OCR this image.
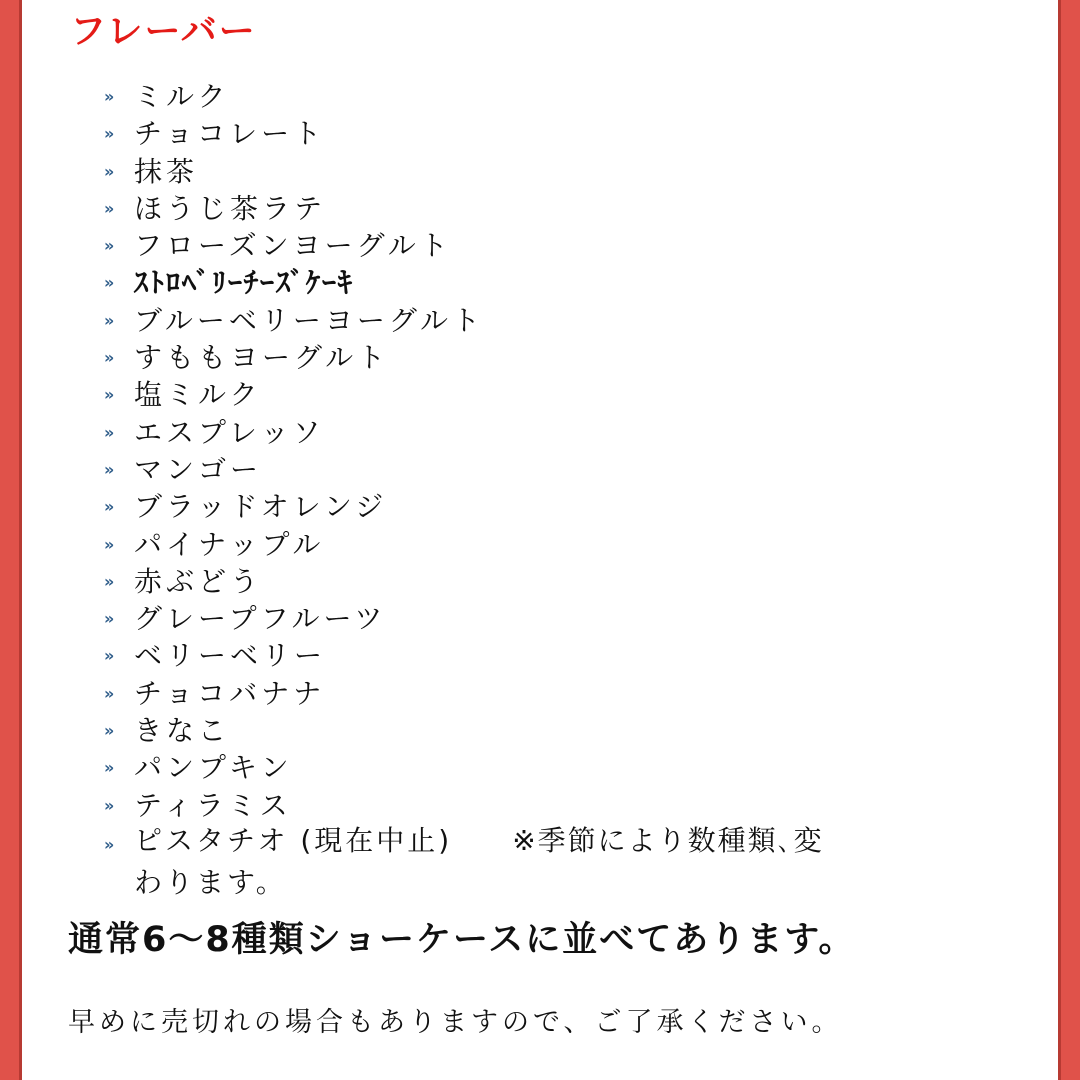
フレーバー
» ミルク
» チョコレート
» 抹茶
» ほうじ茶ラテ
» フローズンヨーグルト
» ｽﾄﾛﾍﾞﾘｰﾁｰｽﾞｹｰｷ
» ブルーベリーヨーグルト
» すももヨーグルト
» 塩ミルク
» エスプレッソ
» マンゴー
» ブラッドオレンジ
» パイナップル
» 赤ぶどう
» グレープフルーツ
» ベリーベリー
» チョコバナナ
» きなこ
» パンプキン
» ティラミス
» ピスタチオ (現在中止) ※季節により数種類､変
わります。

通常6〜8種類ショーケースに並べてあります。

早めに売切れの場合もありますので、ご了承ください。
